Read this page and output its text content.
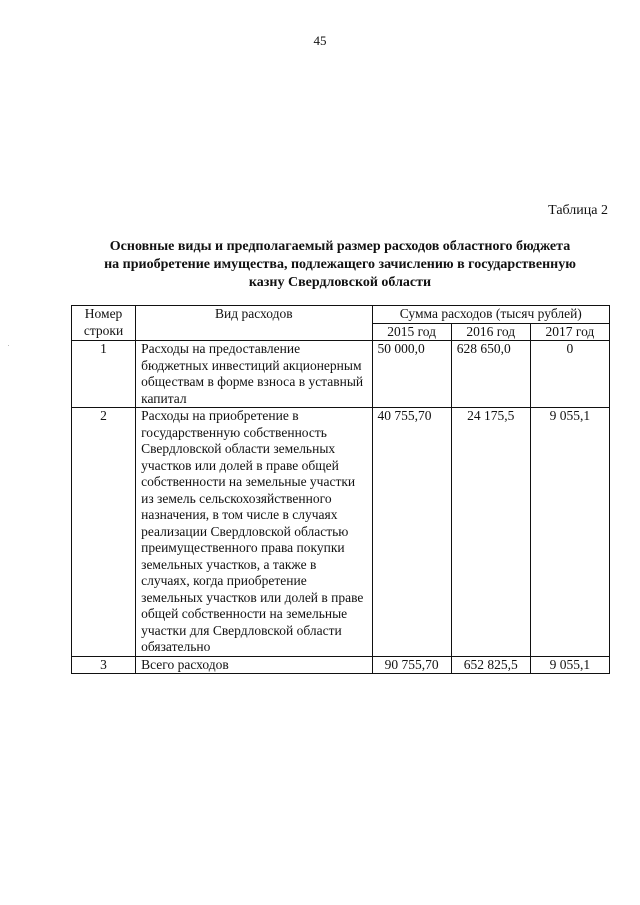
45
Таблица 2
Основные виды и предполагаемый размер расходов областного бюджета
на приобретение имущества, подлежащего зачислению в государственную
казну Свердловской области
Номер
строки	Вид расходов	Сумма расходов (тысяч рублей)		
		2015 год	2016 год	2017 год
1	Расходы на предоставление бюджетных инвестиций акционерным обществам в форме взноса в уставный капитал	50 000,0	628 650,0	0
2	Расходы на приобретение в государственную собственность Свердловской области земельных участков или долей в праве общей собственности на земельные участки из земель сельскохозяйственного назначения, в том числе в случаях реализации Свердловской областью преимущественного права покупки земельных участков, а также в случаях, когда приобретение земельных участков или долей в праве общей собственности на земельные участки для Свердловской области обязательно	40 755,70	24 175,5	9 055,1
3	Всего расходов	90 755,70	652 825,5	9 055,1
